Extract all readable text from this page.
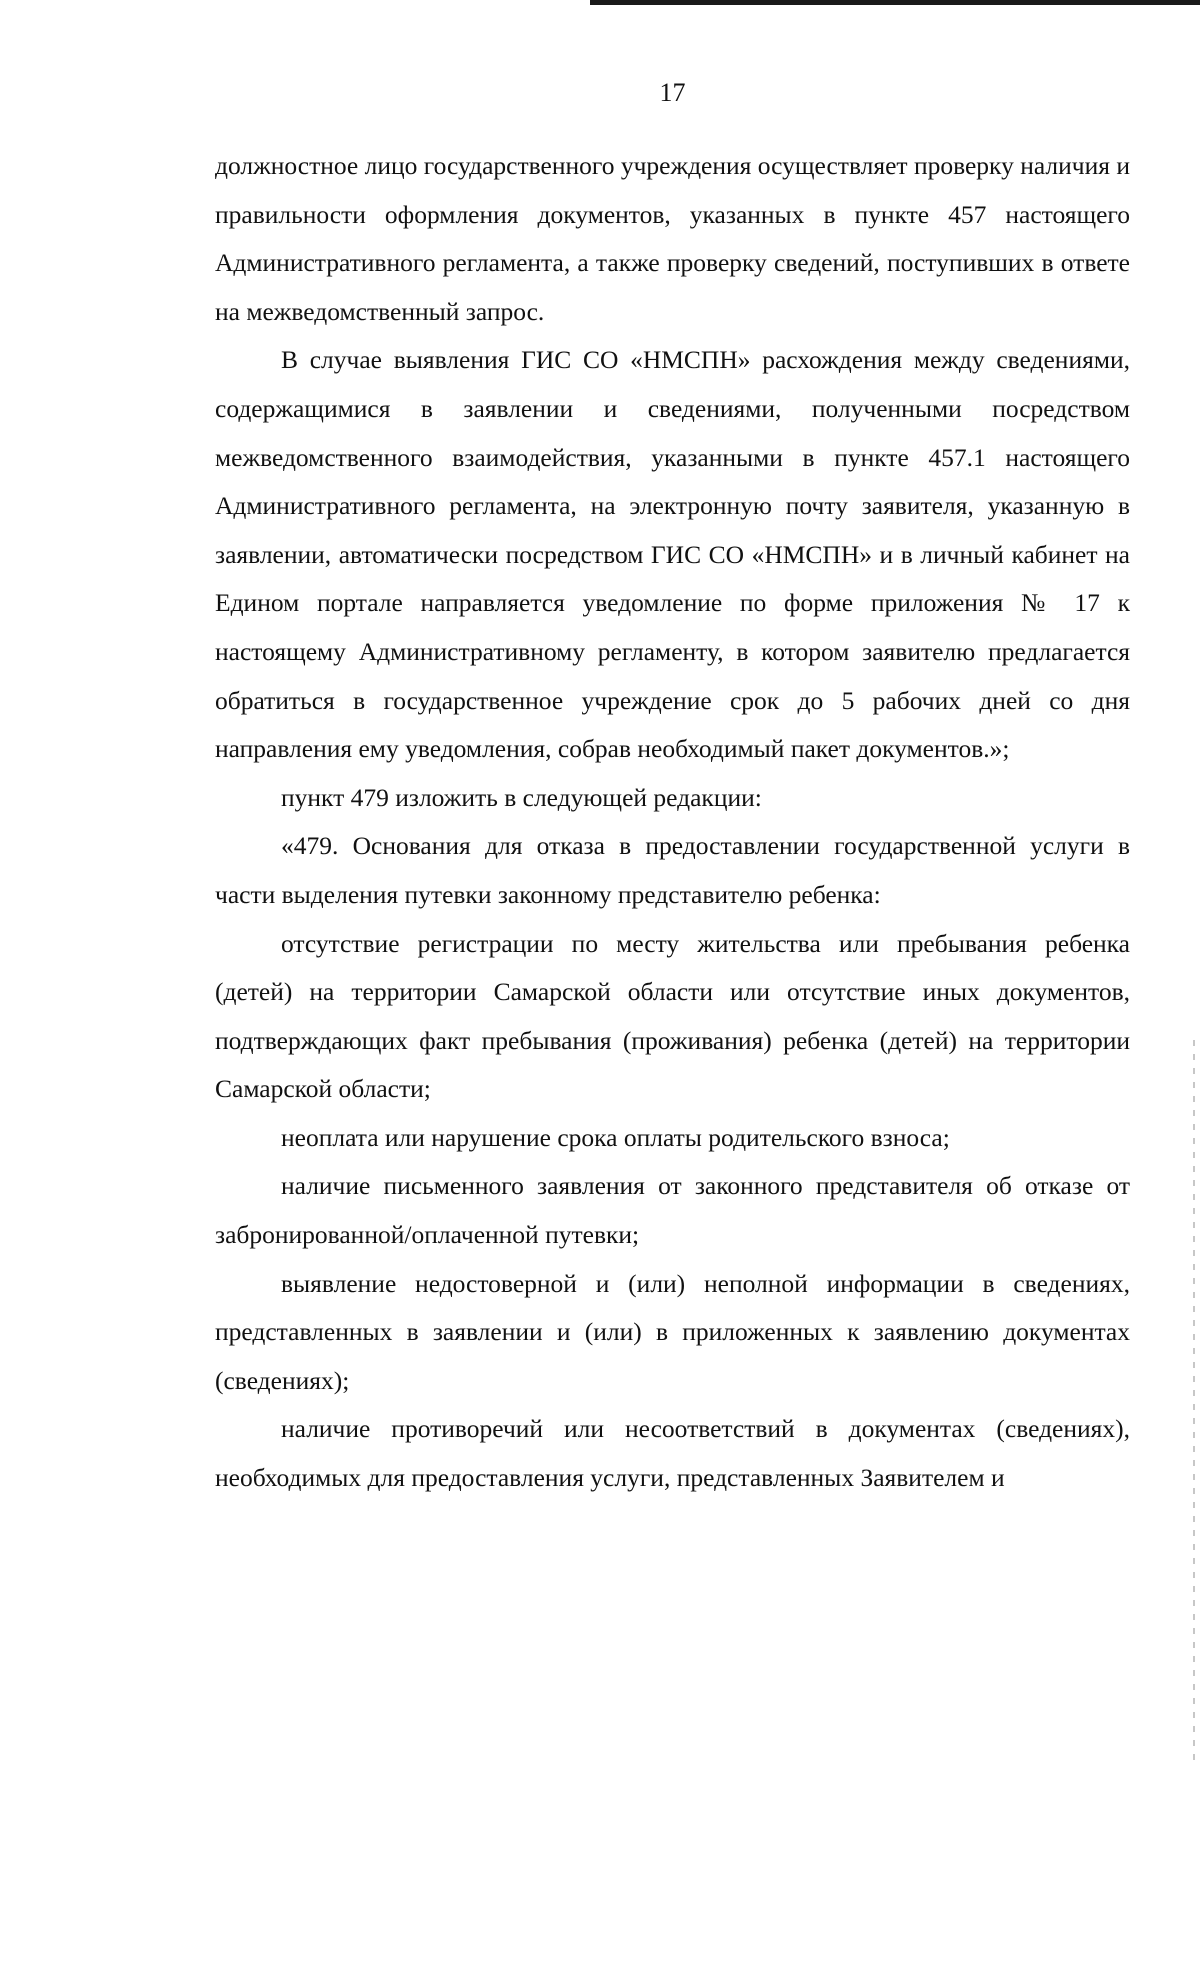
17

должностное лицо государственного учреждения осуществляет проверку наличия и правильности оформления документов, указанных в пункте 457 настоящего Административного регламента, а также проверку сведений, поступивших в ответе на межведомственный запрос.

В случае выявления ГИС СО «НМСПН» расхождения между сведениями, содержащимися в заявлении и сведениями, полученными посредством межведомственного взаимодействия, указанными в пункте 457.1 настоящего Административного регламента, на электронную почту заявителя, указанную в заявлении, автоматически посредством ГИС СО «НМСПН» и в личный кабинет на Едином портале направляется уведомление по форме приложения № 17 к настоящему Административному регламенту, в котором заявителю предлагается обратиться в государственное учреждение срок до 5 рабочих дней со дня направления ему уведомления, собрав необходимый пакет документов.»;

пункт 479 изложить в следующей редакции:

«479. Основания для отказа в предоставлении государственной услуги в части выделения путевки законному представителю ребенка:

отсутствие регистрации по месту жительства или пребывания ребенка (детей) на территории Самарской области или отсутствие иных документов, подтверждающих факт пребывания (проживания) ребенка (детей) на территории Самарской области;

неоплата или нарушение срока оплаты родительского взноса;

наличие письменного заявления от законного представителя об отказе от забронированной/оплаченной путевки;

выявление недостоверной и (или) неполной информации в сведениях, представленных в заявлении и (или) в приложенных к заявлению документах (сведениях);

наличие противоречий или несоответствий в документах (сведениях), необходимых для предоставления услуги, представленных Заявителем и
